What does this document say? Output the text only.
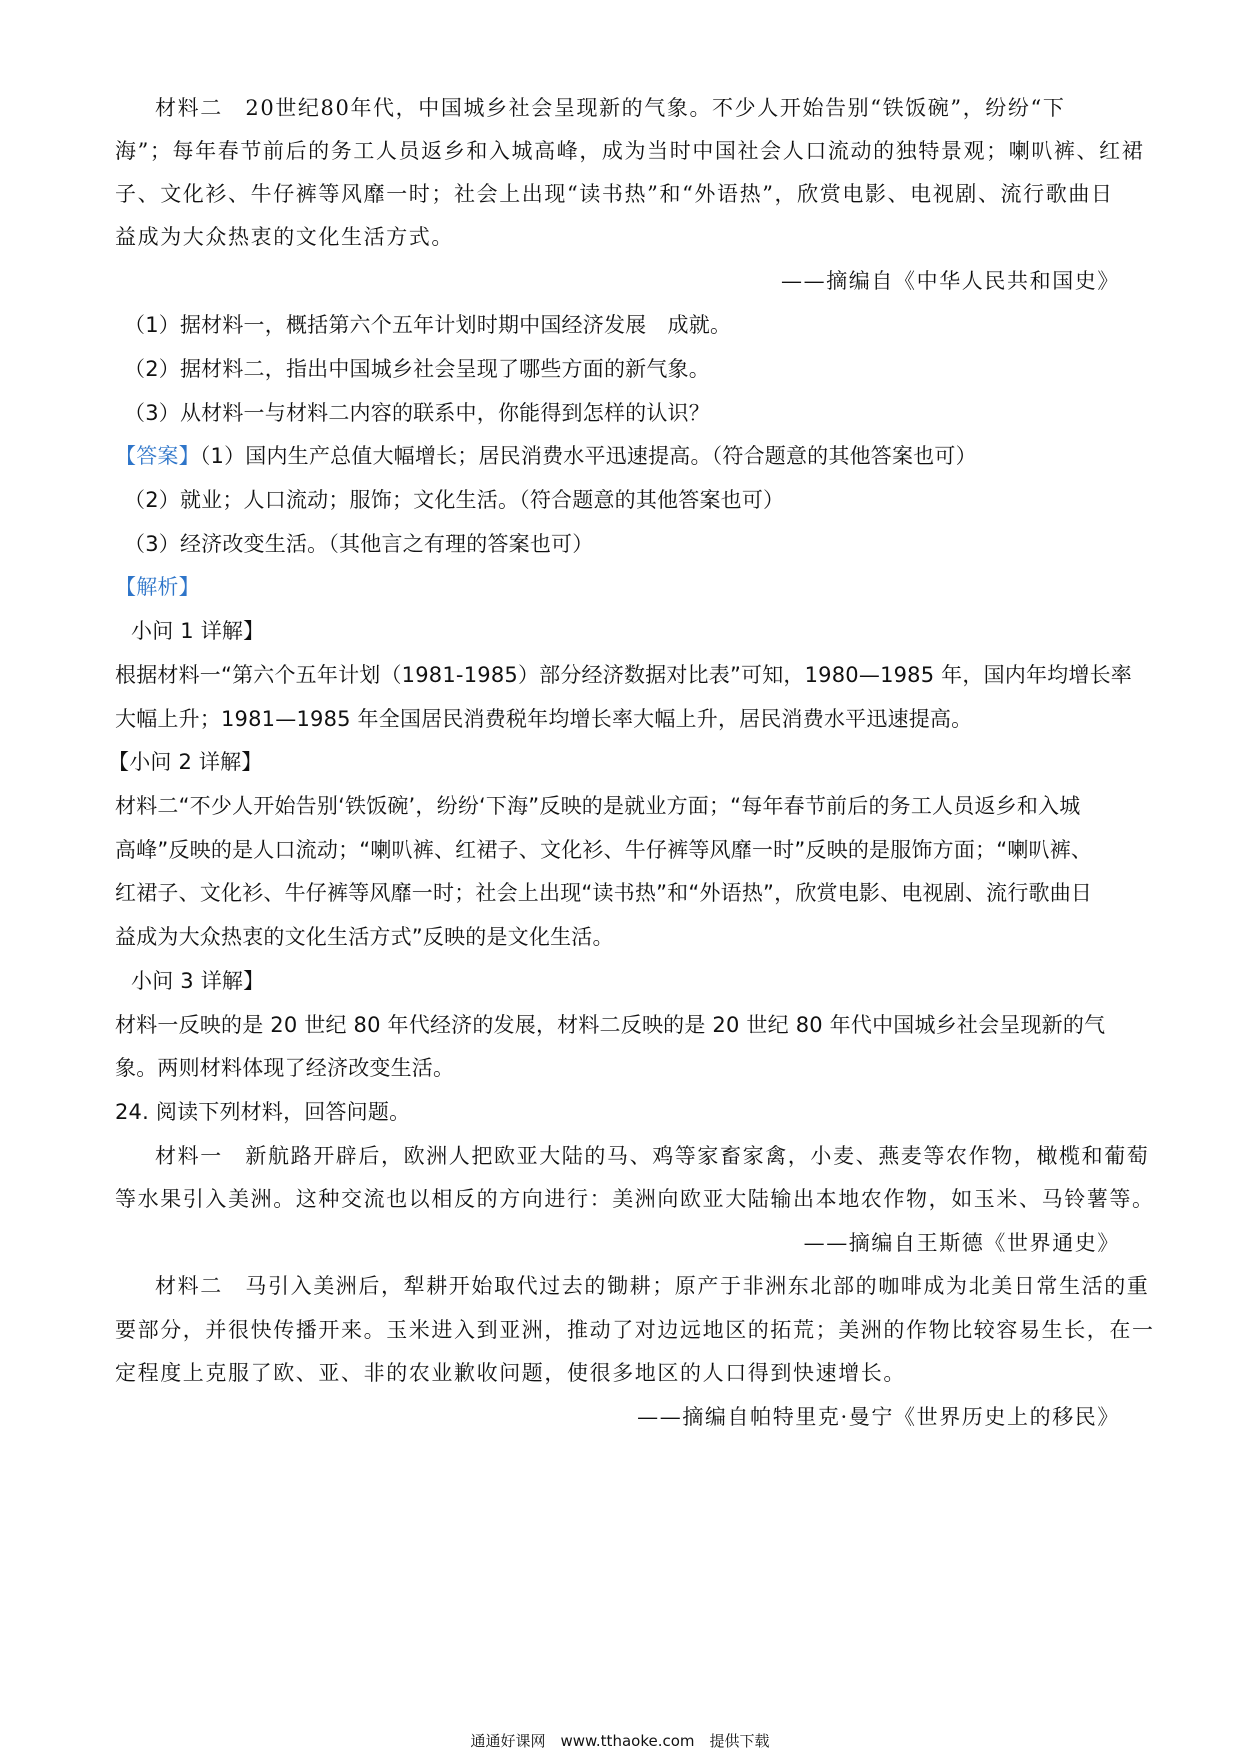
材料二　20世纪80年代，中国城乡社会呈现新的气象。不少人开始告别“铁饭碗”，纷纷“下
海”；每年春节前后的务工人员返乡和入城高峰，成为当时中国社会人口流动的独特景观；喇叭裤、红裙
子、文化衫、牛仔裤等风靡一时；社会上出现“读书热”和“外语热”，欣赏电影、电视剧、流行歌曲日
益成为大众热衷的文化生活方式。
——摘编自《中华人民共和国史》
（1）据材料一，概括第六个五年计划时期中国经济发展　成就。
（2）据材料二，指出中国城乡社会呈现了哪些方面的新气象。
（3）从材料一与材料二内容的联系中，你能得到怎样的认识？
【答案】（1）国内生产总值大幅增长；居民消费水平迅速提高。（符合题意的其他答案也可）
（2）就业；人口流动；服饰；文化生活。（符合题意的其他答案也可）
（3）经济改变生活。（其他言之有理的答案也可）
【解析】
小问 1 详解】
根据材料一“第六个五年计划（1981-1985）部分经济数据对比表”可知，1980—1985 年，国内年均增长率
大幅上升；1981—1985 年全国居民消费税年均增长率大幅上升，居民消费水平迅速提高。
【小问 2 详解】
材料二“不少人开始告别‘铁饭碗’，纷纷‘下海”反映的是就业方面；“每年春节前后的务工人员返乡和入城
高峰”反映的是人口流动；“喇叭裤、红裙子、文化衫、牛仔裤等风靡一时”反映的是服饰方面；“喇叭裤、
红裙子、文化衫、牛仔裤等风靡一时；社会上出现“读书热”和“外语热”，欣赏电影、电视剧、流行歌曲日
益成为大众热衷的文化生活方式”反映的是文化生活。
小问 3 详解】
材料一反映的是 20 世纪 80 年代经济的发展，材料二反映的是 20 世纪 80 年代中国城乡社会呈现新的气
象。两则材料体现了经济改变生活。
24. 阅读下列材料，回答问题。
材料一　新航路开辟后，欧洲人把欧亚大陆的马、鸡等家畜家禽，小麦、燕麦等农作物，橄榄和葡萄
等水果引入美洲。这种交流也以相反的方向进行：美洲向欧亚大陆输出本地农作物，如玉米、马铃薯等。
——摘编自王斯德《世界通史》
材料二　马引入美洲后，犁耕开始取代过去的锄耕；原产于非洲东北部的咖啡成为北美日常生活的重
要部分，并很快传播开来。玉米进入到亚洲，推动了对边远地区的拓荒；美洲的作物比较容易生长，在一
定程度上克服了欧、亚、非的农业歉收问题，使很多地区的人口得到快速增长。
——摘编自帕特里克·曼宁《世界历史上的移民》
通通好课网　www.tthaoke.com　提供下载
